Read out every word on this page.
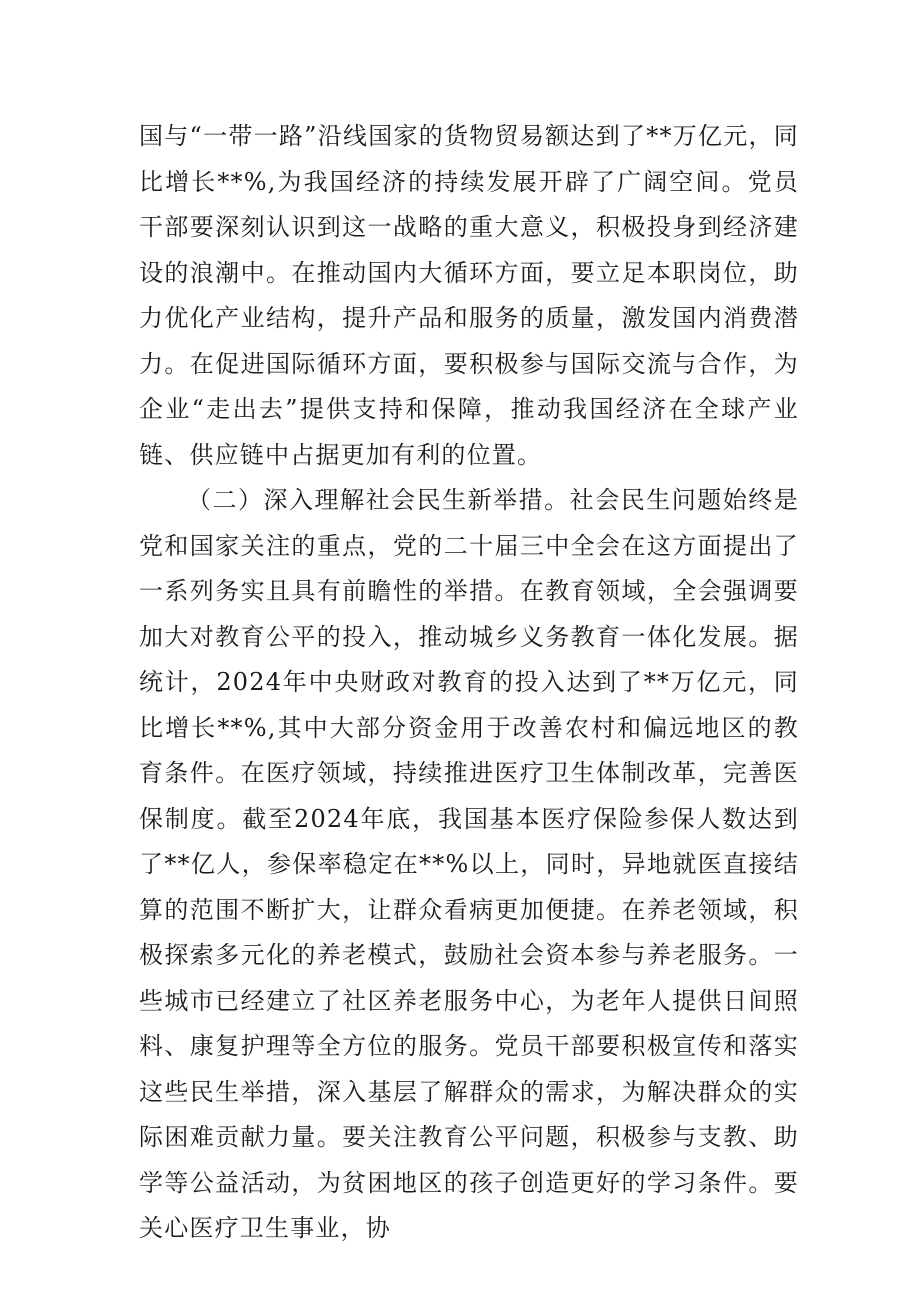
国与“一带一路”沿线国家的货物贸易额达到了**万亿元，同比增长**%,为我国经济的持续发展开辟了广阔空间。党员干部要深刻认识到这一战略的重大意义，积极投身到经济建设的浪潮中。在推动国内大循环方面，要立足本职岗位，助力优化产业结构，提升产品和服务的质量，激发国内消费潜力。在促进国际循环方面，要积极参与国际交流与合作，为企业“走出去”提供支持和保障，推动我国经济在全球产业链、供应链中占据更加有利的位置。

（二）深入理解社会民生新举措。社会民生问题始终是党和国家关注的重点，党的二十届三中全会在这方面提出了一系列务实且具有前瞻性的举措。在教育领域，全会强调要加大对教育公平的投入，推动城乡义务教育一体化发展。据统计，2024年中央财政对教育的投入达到了**万亿元，同比增长**%,其中大部分资金用于改善农村和偏远地区的教育条件。在医疗领域，持续推进医疗卫生体制改革，完善医保制度。截至2024年底，我国基本医疗保险参保人数达到了**亿人，参保率稳定在**%以上，同时，异地就医直接结算的范围不断扩大，让群众看病更加便捷。在养老领域，积极探索多元化的养老模式，鼓励社会资本参与养老服务。一些城市已经建立了社区养老服务中心，为老年人提供日间照料、康复护理等全方位的服务。党员干部要积极宣传和落实这些民生举措，深入基层了解群众的需求，为解决群众的实际困难贡献力量。要关注教育公平问题，积极参与支教、助学等公益活动，为贫困地区的孩子创造更好的学习条件。要关心医疗卫生事业，协
